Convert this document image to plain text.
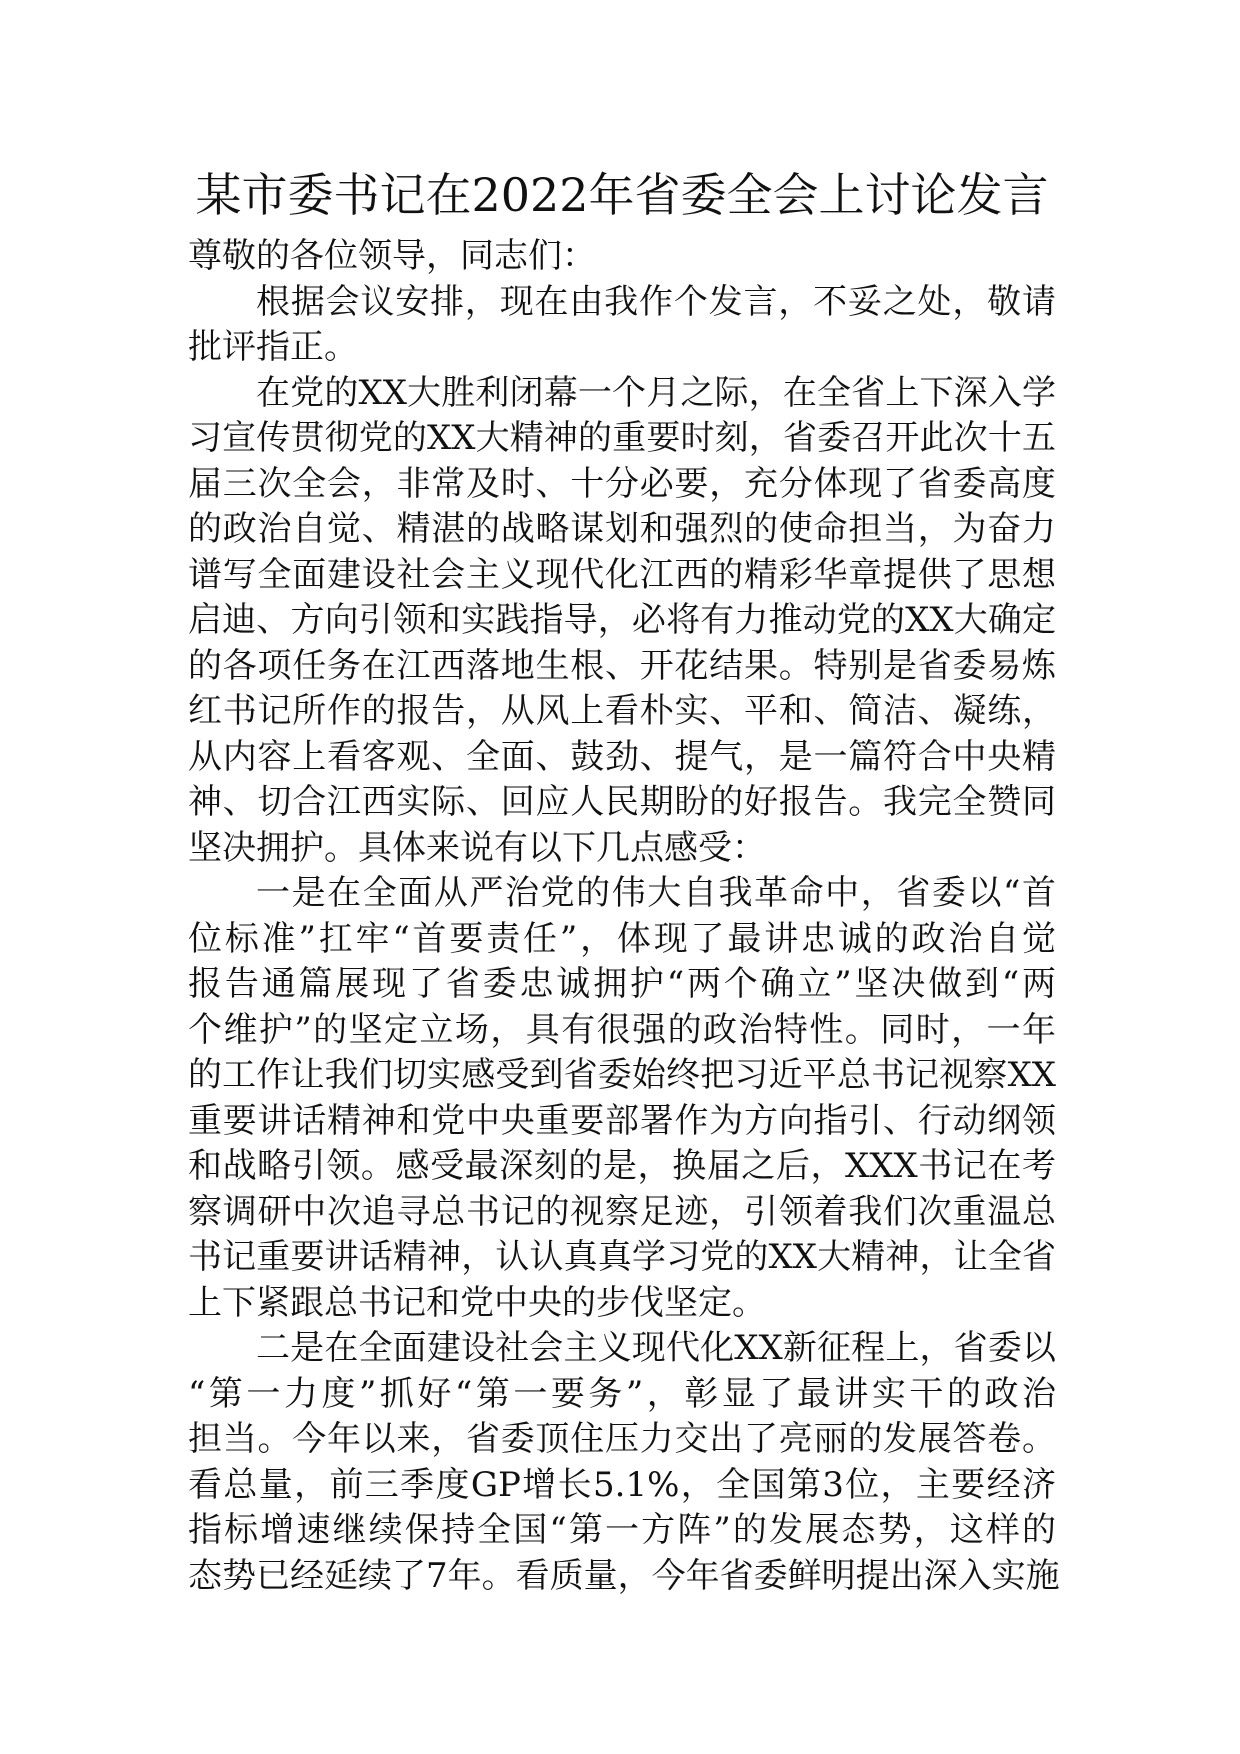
某市委书记在2022年省委全会上讨论发言

尊敬的各位领导，同志们：

根据会议安排，现在由我作个发言，不妥之处，敬请
批评指正。

在党的XX大胜利闭幕一个月之际，在全省上下深入学
习宣传贯彻党的XX大精神的重要时刻，省委召开此次十五
届三次全会，非常及时、十分必要，充分体现了省委高度
的政治自觉、精湛的战略谋划和强烈的使命担当，为奋力
谱写全面建设社会主义现代化江西的精彩华章提供了思想
启迪、方向引领和实践指导，必将有力推动党的XX大确定
的各项任务在江西落地生根、开花结果。特别是省委易炼
红书记所作的报告，从风上看朴实、平和、简洁、凝练，
从内容上看客观、全面、鼓劲、提气，是一篇符合中央精
神、切合江西实际、回应人民期盼的好报告。我完全赞同
坚决拥护。具体来说有以下几点感受：

一是在全面从严治党的伟大自我革命中，省委以“首
位标准”扛牢“首要责任”，体现了最讲忠诚的政治自觉
报告通篇展现了省委忠诚拥护“两个确立”坚决做到“两
个维护”的坚定立场，具有很强的政治特性。同时，一年
的工作让我们切实感受到省委始终把习近平总书记视察XX
重要讲话精神和党中央重要部署作为方向指引、行动纲领
和战略引领。感受最深刻的是，换届之后，XXX书记在考
察调研中次追寻总书记的视察足迹，引领着我们次重温总
书记重要讲话精神，认认真真学习党的XX大精神，让全省
上下紧跟总书记和党中央的步伐坚定。

二是在全面建设社会主义现代化XX新征程上，省委以
“第一力度”抓好“第一要务”，彰显了最讲实干的政治
担当。今年以来，省委顶住压力交出了亮丽的发展答卷。
看总量，前三季度GP增长5.1%，全国第3位，主要经济
指标增速继续保持全国“第一方阵”的发展态势，这样的
态势已经延续了7年。看质量，今年省委鲜明提出深入实施
